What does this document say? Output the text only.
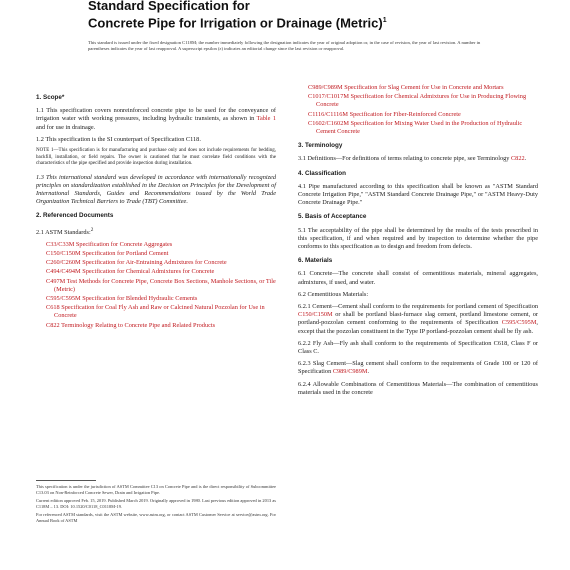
Standard Specification for
Concrete Pipe for Irrigation or Drainage (Metric)$^1$
This standard is issued under the fixed designation C118M; the number immediately following the designation indicates the year of original adoption or, in the case of revision, the year of last revision. A number in parentheses indicates the year of last reapproval. A superscript epsilon (ε) indicates an editorial change since the last revision or reapproval.
1. Scope*

1.1 This specification covers nonreinforced concrete pipe to be used for the conveyance of irrigation water with working pressures, including hydraulic transients, as shown in Table 1 and for use in drainage.

1.2 This specification is the SI counterpart of Specification C118.

NOTE 1—This specification is for manufacturing and purchase only and does not include requirements for bedding, backfill, installation, or field repairs. The owner is cautioned that he must correlate field conditions with the characteristics of the pipe specified and provide inspection during installation.

1.3 This international standard was developed in accordance with internationally recognized principles on standardization established in the Decision on Principles for the Development of International Standards, Guides and Recommendations issued by the World Trade Organization Technical Barriers to Trade (TBT) Committee.

2. Referenced Documents

2.1 ASTM Standards:$^2$

C33/C33M Specification for Concrete Aggregates
C150/C150M Specification for Portland Cement
C260/C260M Specification for Air-Entraining Admixtures for Concrete
C494/C494M Specification for Chemical Admixtures for Concrete
C497M Test Methods for Concrete Pipe, Concrete Box Sections, Manhole Sections, or Tile (Metric)
C595/C595M Specification for Blended Hydraulic Cements
C618 Specification for Coal Fly Ash and Raw or Calcined Natural Pozzolan for Use in Concrete
C822 Terminology Relating to Concrete Pipe and Related Products
C989/C989M Specification for Slag Cement for Use in Concrete and Mortars
C1017/C1017M Specification for Chemical Admixtures for Use in Producing Flowing Concrete
C1116/C1116M Specification for Fiber-Reinforced Concrete
C1602/C1602M Specification for Mixing Water Used in the Production of Hydraulic Cement Concrete
3. Terminology

3.1 Definitions—For definitions of terms relating to concrete pipe, see Terminology C822.

4. Classification

4.1 Pipe manufactured according to this specification shall be known as "ASTM Standard Concrete Irrigation Pipe," "ASTM Standard Concrete Drainage Pipe," or "ASTM Heavy-Duty Concrete Drainage Pipe."

5. Basis of Acceptance

5.1 The acceptability of the pipe shall be determined by the results of the tests prescribed in this specification, if and when required and by inspection to determine whether the pipe conforms to this specification as to design and freedom from defects.

6. Materials

6.1 Concrete—The concrete shall consist of cementitious materials, mineral aggregates, admixtures, if used, and water.

6.2 Cementitious Materials:

6.2.1 Cement—Cement shall conform to the requirements for portland cement of Specification C150/C150M or shall be portland blast-furnace slag cement, portland limestone cement, or portland-pozzolan cement conforming to the requirements of Specification C595/C595M, except that the pozzolan constituent in the Type IP portland-pozzolan cement shall be fly ash.

6.2.2 Fly Ash—Fly ash shall conform to the requirements of Specification C618, Class F or Class C.

6.2.3 Slag Cement—Slag cement shall conform to the requirements of Grade 100 or 120 of Specification C989/C989M.

6.2.4 Allowable Combinations of Cementitious Materials—The combination of cementitious materials used in the concrete

This specification is under the jurisdiction of ASTM Committee C13 on Concrete Pipe and is the direct responsibility of Subcommittee C13.03 on Non-Reinforced Concrete Sewer, Drain and Irrigation Pipe.

Current edition approved Feb. 15, 2019. Published March 2019. Originally approved in 1980. Last previous edition approved in 2013 as C118M – 13. DOI: 10.1520/C0118_C0118M-19.

For referenced ASTM standards, visit the ASTM website, www.astm.org, or contact ASTM Customer Service at service@astm.org. For Annual Book of ASTM
